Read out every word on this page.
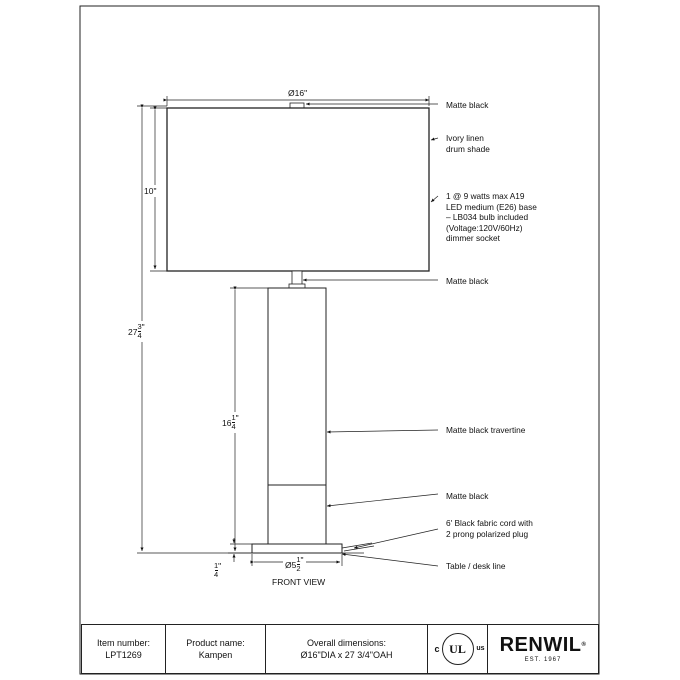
Ø16"
10"
$27 \frac{3}{4}$ "
$16 \frac{1}{4}$ "
$\frac{1}{4}$ "	Ø5 $\frac{1}{2}$ "
FRONT VIEW
Matte black
Ivory linen
drum shade
1 @ 9 watts max A19
LED medium (E26) base
– LB034 bulb included
(Voltage:120V/60Hz)
dimmer socket
Matte black
Matte black travertine
Matte black
6' Black fabric cord with
2 prong polarized plug
Table / desk line
Item number:
LPT1269
Product name:
Kampen
Overall dimensions:
Ø16"DIA x 27 3/4"OAH
c UL us RENWIL®
EST. 1967
